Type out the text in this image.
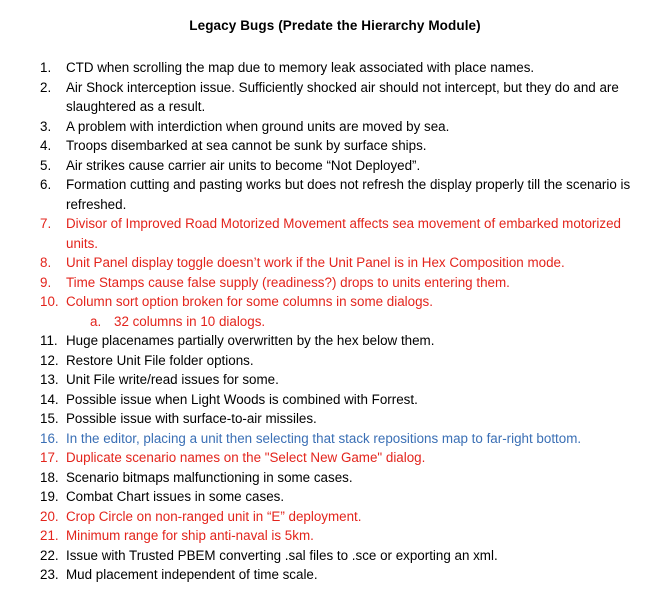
Legacy Bugs (Predate the Hierarchy Module)
1. CTD when scrolling the map due to memory leak associated with place names.
2. Air Shock interception issue. Sufficiently shocked air should not intercept, but they do and are slaughtered as a result.
3. A problem with interdiction when ground units are moved by sea.
4. Troops disembarked at sea cannot be sunk by surface ships.
5. Air strikes cause carrier air units to become “Not Deployed”.
6. Formation cutting and pasting works but does not refresh the display properly till the scenario is refreshed.
7. Divisor of Improved Road Motorized Movement affects sea movement of embarked motorized units.
8. Unit Panel display toggle doesn’t work if the Unit Panel is in Hex Composition mode.
9. Time Stamps cause false supply (readiness?) drops to units entering them.
10. Column sort option broken for some columns in some dialogs.
a. 32 columns in 10 dialogs.
11. Huge placenames partially overwritten by the hex below them.
12. Restore Unit File folder options.
13. Unit File write/read issues for some.
14. Possible issue when Light Woods is combined with Forrest.
15. Possible issue with surface-to-air missiles.
16. In the editor, placing a unit then selecting that stack repositions map to far-right bottom.
17. Duplicate scenario names on the "Select New Game" dialog.
18. Scenario bitmaps malfunctioning in some cases.
19. Combat Chart issues in some cases.
20. Crop Circle on non-ranged unit in “E” deployment.
21. Minimum range for ship anti-naval is 5km.
22. Issue with Trusted PBEM converting .sal files to .sce or exporting an xml.
23. Mud placement independent of time scale.
